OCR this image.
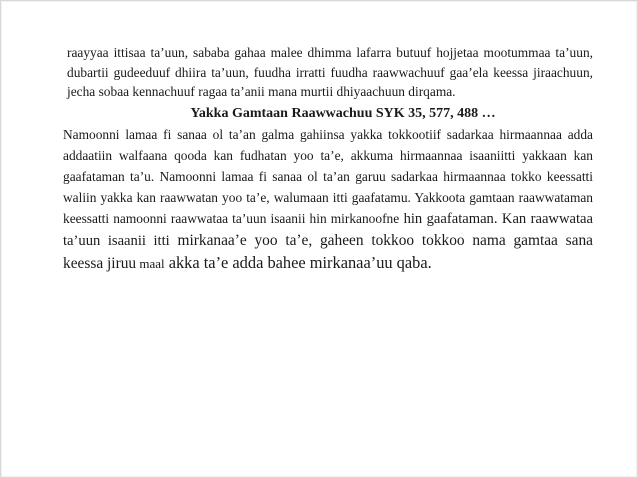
raayyaa ittisaa ta’uun, sababa gahaa malee dhimma lafarra butuuf hojjetaa mootummaa ta’uun, dubartii gudeeduuf dhiira ta’uun, fuudha irratti fuudha raawwachuuf gaa’ela keessa jiraachuun, jecha sobaa kennachuuf ragaa ta’anii mana murtii dhiyaachuun dirqama.

Yakka Gamtaan Raawwachuu SYK 35, 577, 488 …

Namoonni lamaa fi sanaa ol ta’an galma gahiinsa yakka tokkootiif sadarkaa hirmaannaa adda addaatiin walfaana qooda kan fudhatan yoo ta’e, akkuma hirmaannaa isaaniitti yakkaan kan gaafataman ta’u. Namoonni lamaa fi sanaa ol ta’an garuu sadarkaa hirmaannaa tokko keessatti waliin yakka kan raawwatan yoo ta’e, walumaan itti gaafatamu. Yakkoota gamtaan raawwataman keessatti namoonni raawwataa ta’uun isaanii hin mirkanoofne hin gaafataman. Kan raawwataa ta’uun isaanii itti mirkanaa’e yoo ta’e, gaheen tokkoo tokkoo nama gamtaa sana keessa jiruu maal akka ta’e adda bahee mirkanaa’uu qaba.
